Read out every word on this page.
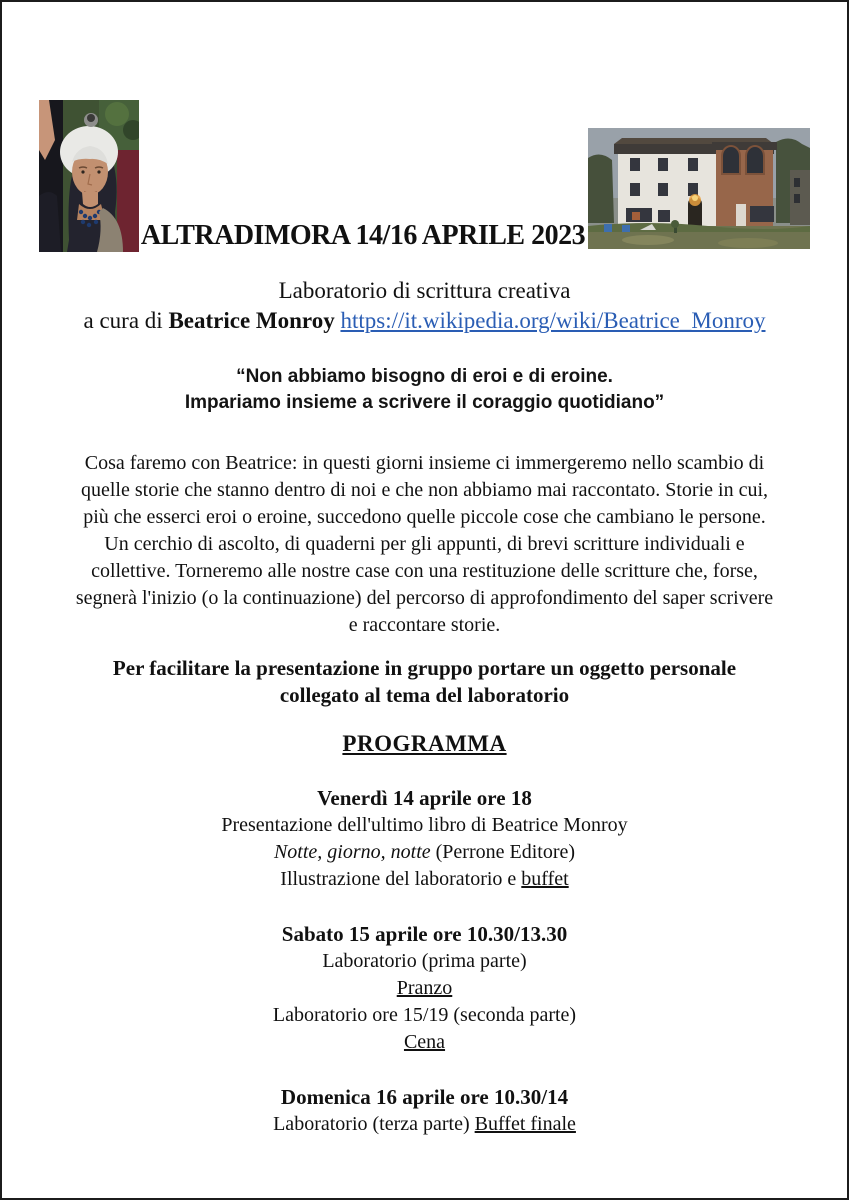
ALTRADIMORA 14/16 APRILE 2023
Laboratorio di scrittura creativa
a cura di Beatrice Monroy https://it.wikipedia.org/wiki/Beatrice_Monroy
“Non abbiamo bisogno di eroi e di eroine.
Impariamo insieme a scrivere il coraggio quotidiano”
Cosa faremo con Beatrice: in questi giorni insieme ci immergeremo nello scambio di quelle storie che stanno dentro di noi e che non abbiamo mai raccontato. Storie in cui, più che esserci eroi o eroine, succedono quelle piccole cose che cambiano le persone. Un cerchio di ascolto, di quaderni per gli appunti, di brevi scritture individuali e collettive. Torneremo alle nostre case con una restituzione delle scritture che, forse, segnerà l'inizio (o la continuazione) del percorso di approfondimento del saper scrivere e raccontare storie.
Per facilitare la presentazione in gruppo portare un oggetto personale collegato al tema del laboratorio
PROGRAMMA
Venerdì 14 aprile ore 18
Presentazione dell'ultimo libro di Beatrice Monroy
Notte, giorno, notte (Perrone Editore)
Illustrazione del laboratorio e buffet
Sabato 15 aprile ore 10.30/13.30
Laboratorio (prima parte)
Pranzo
Laboratorio ore 15/19 (seconda parte)
Cena
Domenica 16 aprile ore 10.30/14
Laboratorio (terza parte) Buffet finale
